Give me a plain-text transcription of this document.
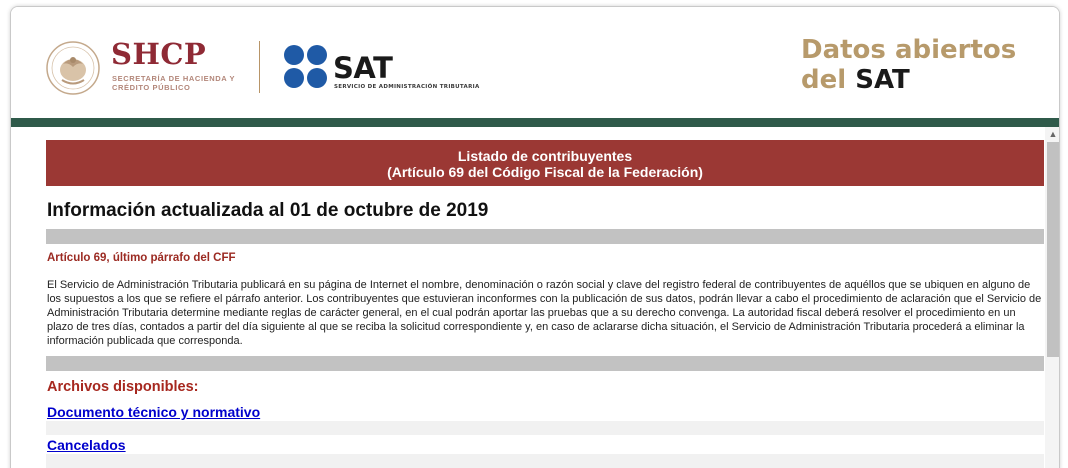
SHCP
SECRETARÍA DE HACIENDA Y CRÉDITO PÚBLICO
SAT
SERVICIO DE ADMINISTRACIÓN TRIBUTARIA
Datos abiertos
del SAT
Listado de contribuyentes
(Artículo 69 del Código Fiscal de la Federación)
Información actualizada al 01 de octubre de 2019
Artículo 69, último párrafo del CFF
El Servicio de Administración Tributaria publicará en su página de Internet el nombre, denominación o razón social y clave del registro federal de contribuyentes de aquéllos que se ubiquen en alguno de los supuestos a los que se refiere el párrafo anterior. Los contribuyentes que estuvieran inconformes con la publicación de sus datos, podrán llevar a cabo el procedimiento de aclaración que el Servicio de Administración Tributaria determine mediante reglas de carácter general, en el cual podrán aportar las pruebas que a su derecho convenga. La autoridad fiscal deberá resolver el procedimiento en un plazo de tres días, contados a partir del día siguiente al que se reciba la solicitud correspondiente y, en caso de aclararse dicha situación, el Servicio de Administración Tributaria procederá a eliminar la información publicada que corresponda.
Archivos disponibles:
Documento técnico y normativo
Cancelados
▲
